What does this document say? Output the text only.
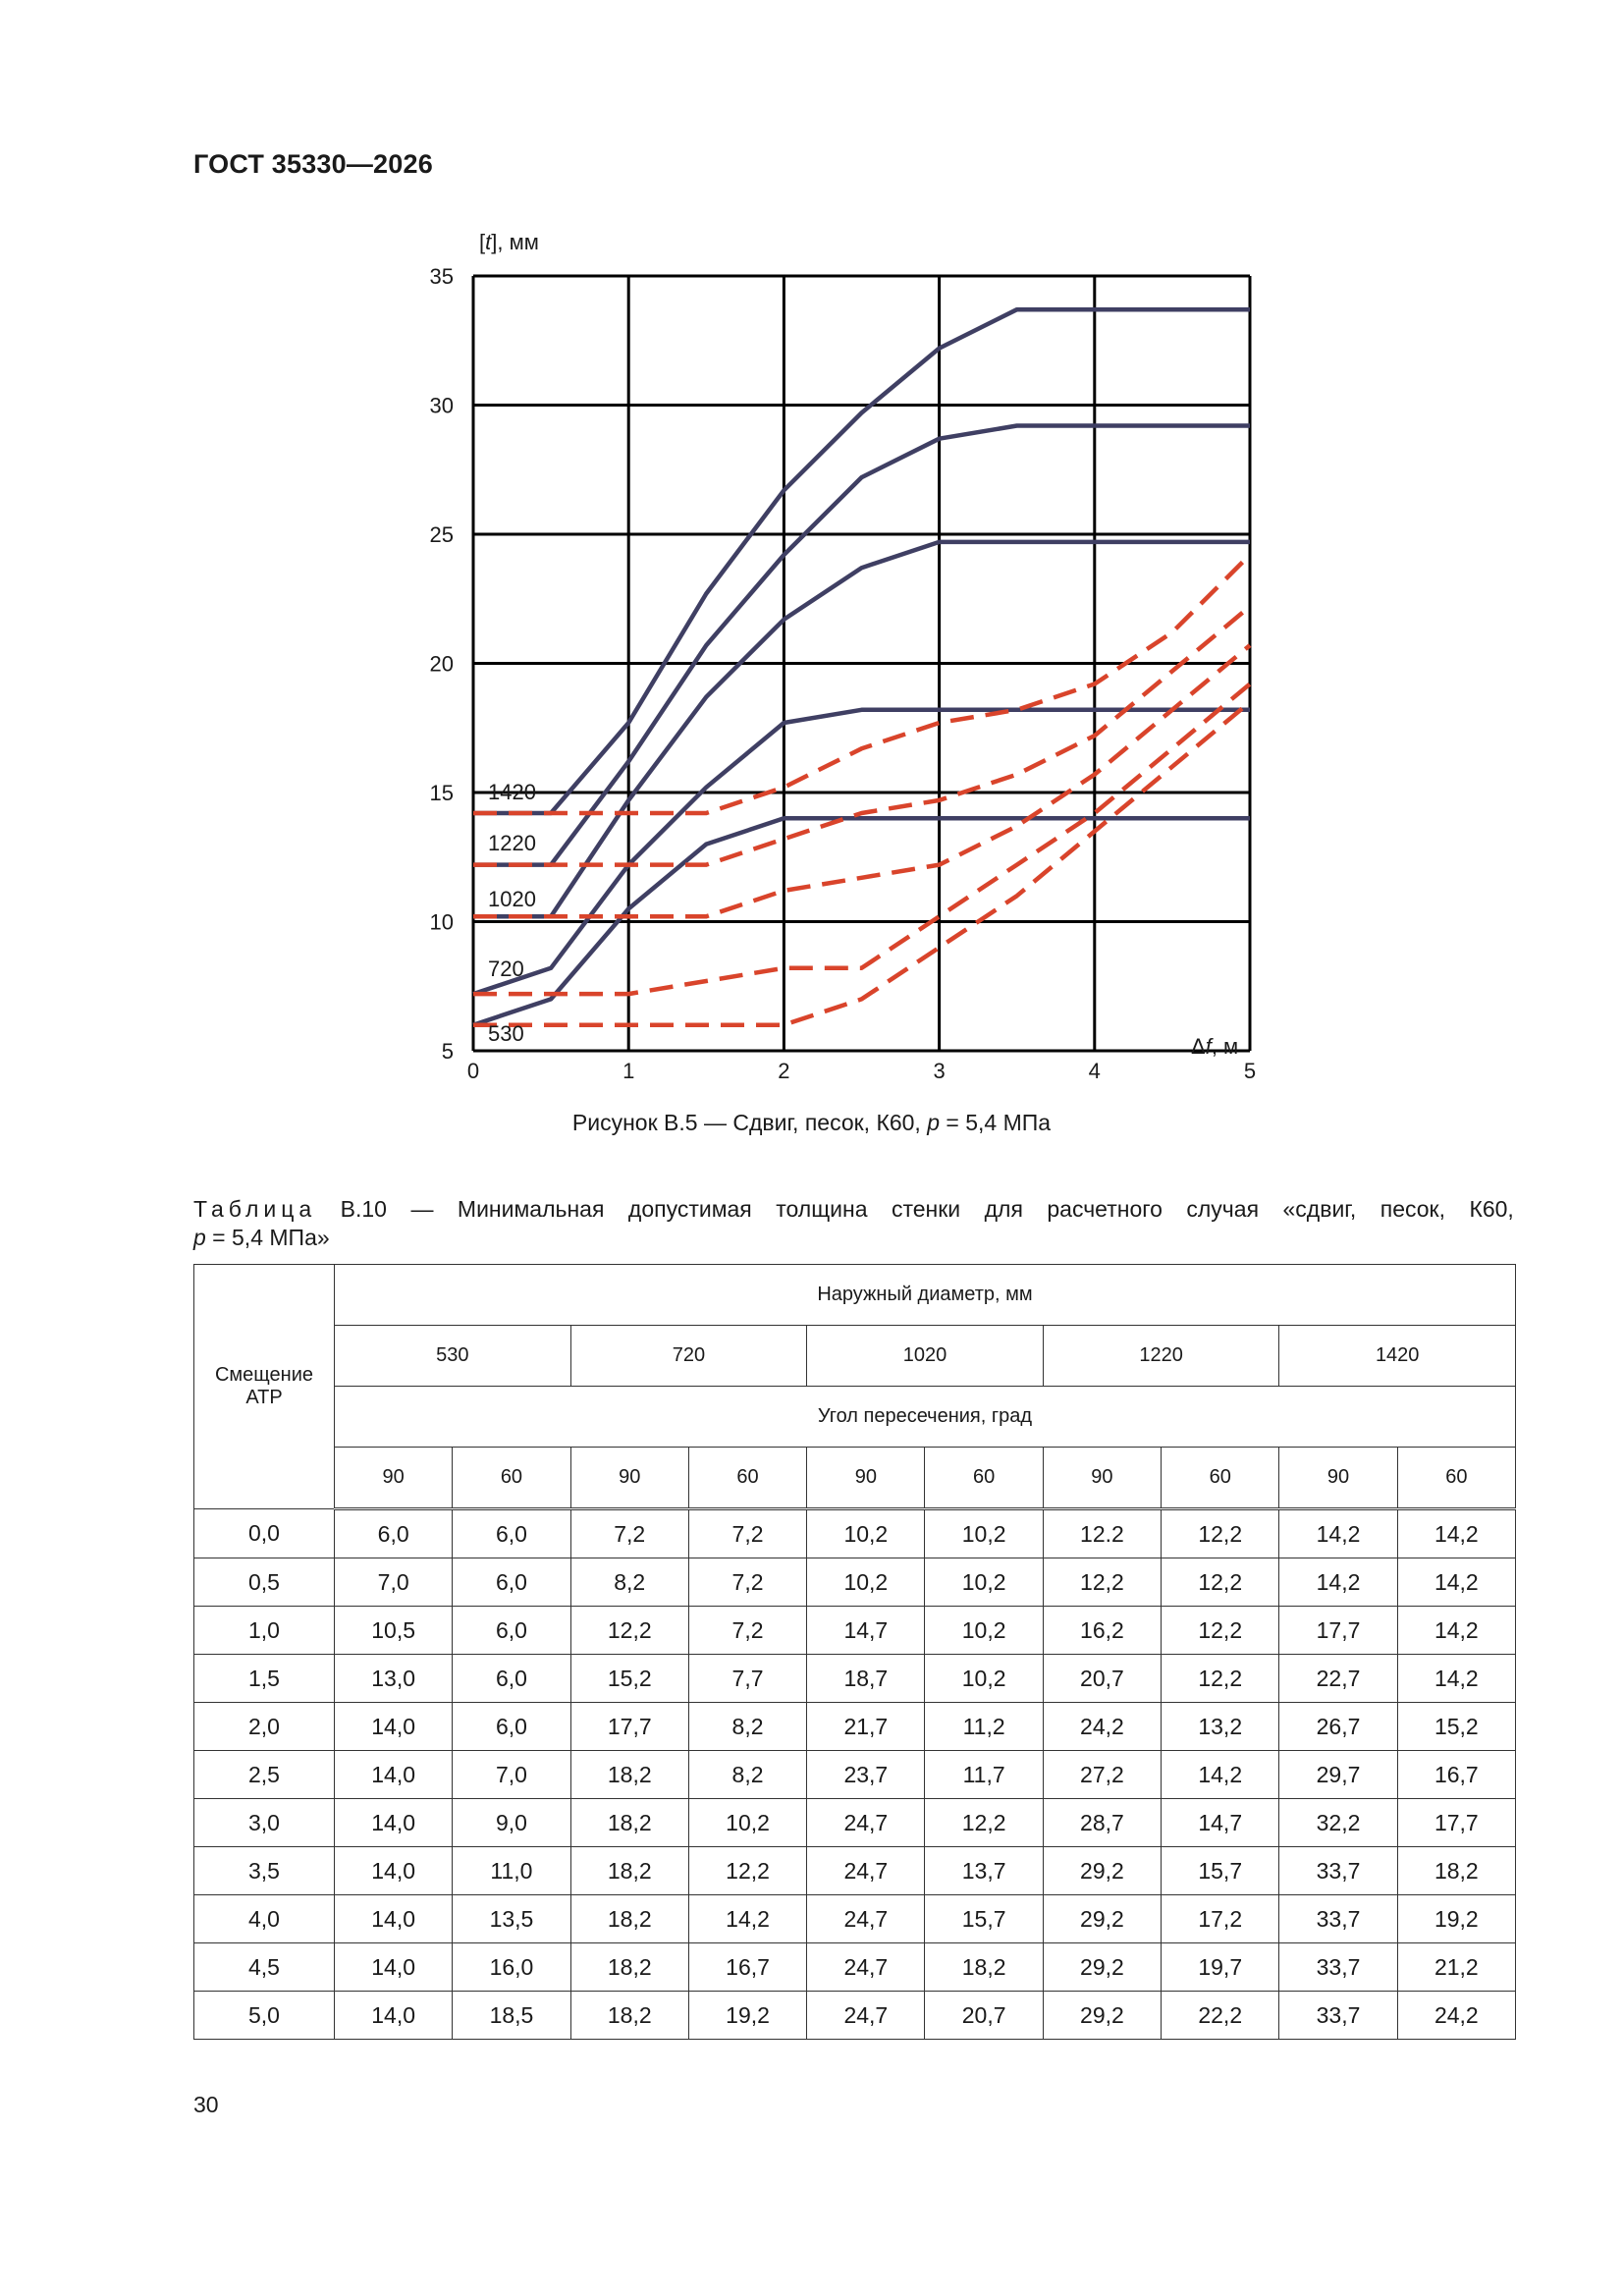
ГОСТ 35330—2026
1420
1220
1020
720
530
0	1	2	3	4	5
5
10
15
20
25
30
35
[t], мм
Δf, м
Рисунок В.5 — Сдвиг, песок, К60, p = 5,4 МПа
Таблица В.10 — Минимальная допустимая толщина стенки для расчетного случая «сдвиг, песок, К60,
p = 5,4 МПа»
Смещение АТР	Наружный диаметр, мм									
	530		720		1020		1220		1420	
	Угол пересечения, град									
	90	60	90	60	90	60	90	60	90	60
0,0	6,0	6,0	7,2	7,2	10,2	10,2	12.2	12,2	14,2	14,2
0,5	7,0	6,0	8,2	7,2	10,2	10,2	12,2	12,2	14,2	14,2
1,0	10,5	6,0	12,2	7,2	14,7	10,2	16,2	12,2	17,7	14,2
1,5	13,0	6,0	15,2	7,7	18,7	10,2	20,7	12,2	22,7	14,2
2,0	14,0	6,0	17,7	8,2	21,7	11,2	24,2	13,2	26,7	15,2
2,5	14,0	7,0	18,2	8,2	23,7	11,7	27,2	14,2	29,7	16,7
3,0	14,0	9,0	18,2	10,2	24,7	12,2	28,7	14,7	32,2	17,7
3,5	14,0	11,0	18,2	12,2	24,7	13,7	29,2	15,7	33,7	18,2
4,0	14,0	13,5	18,2	14,2	24,7	15,7	29,2	17,2	33,7	19,2
4,5	14,0	16,0	18,2	16,7	24,7	18,2	29,2	19,7	33,7	21,2
5,0	14,0	18,5	18,2	19,2	24,7	20,7	29,2	22,2	33,7	24,2
30
